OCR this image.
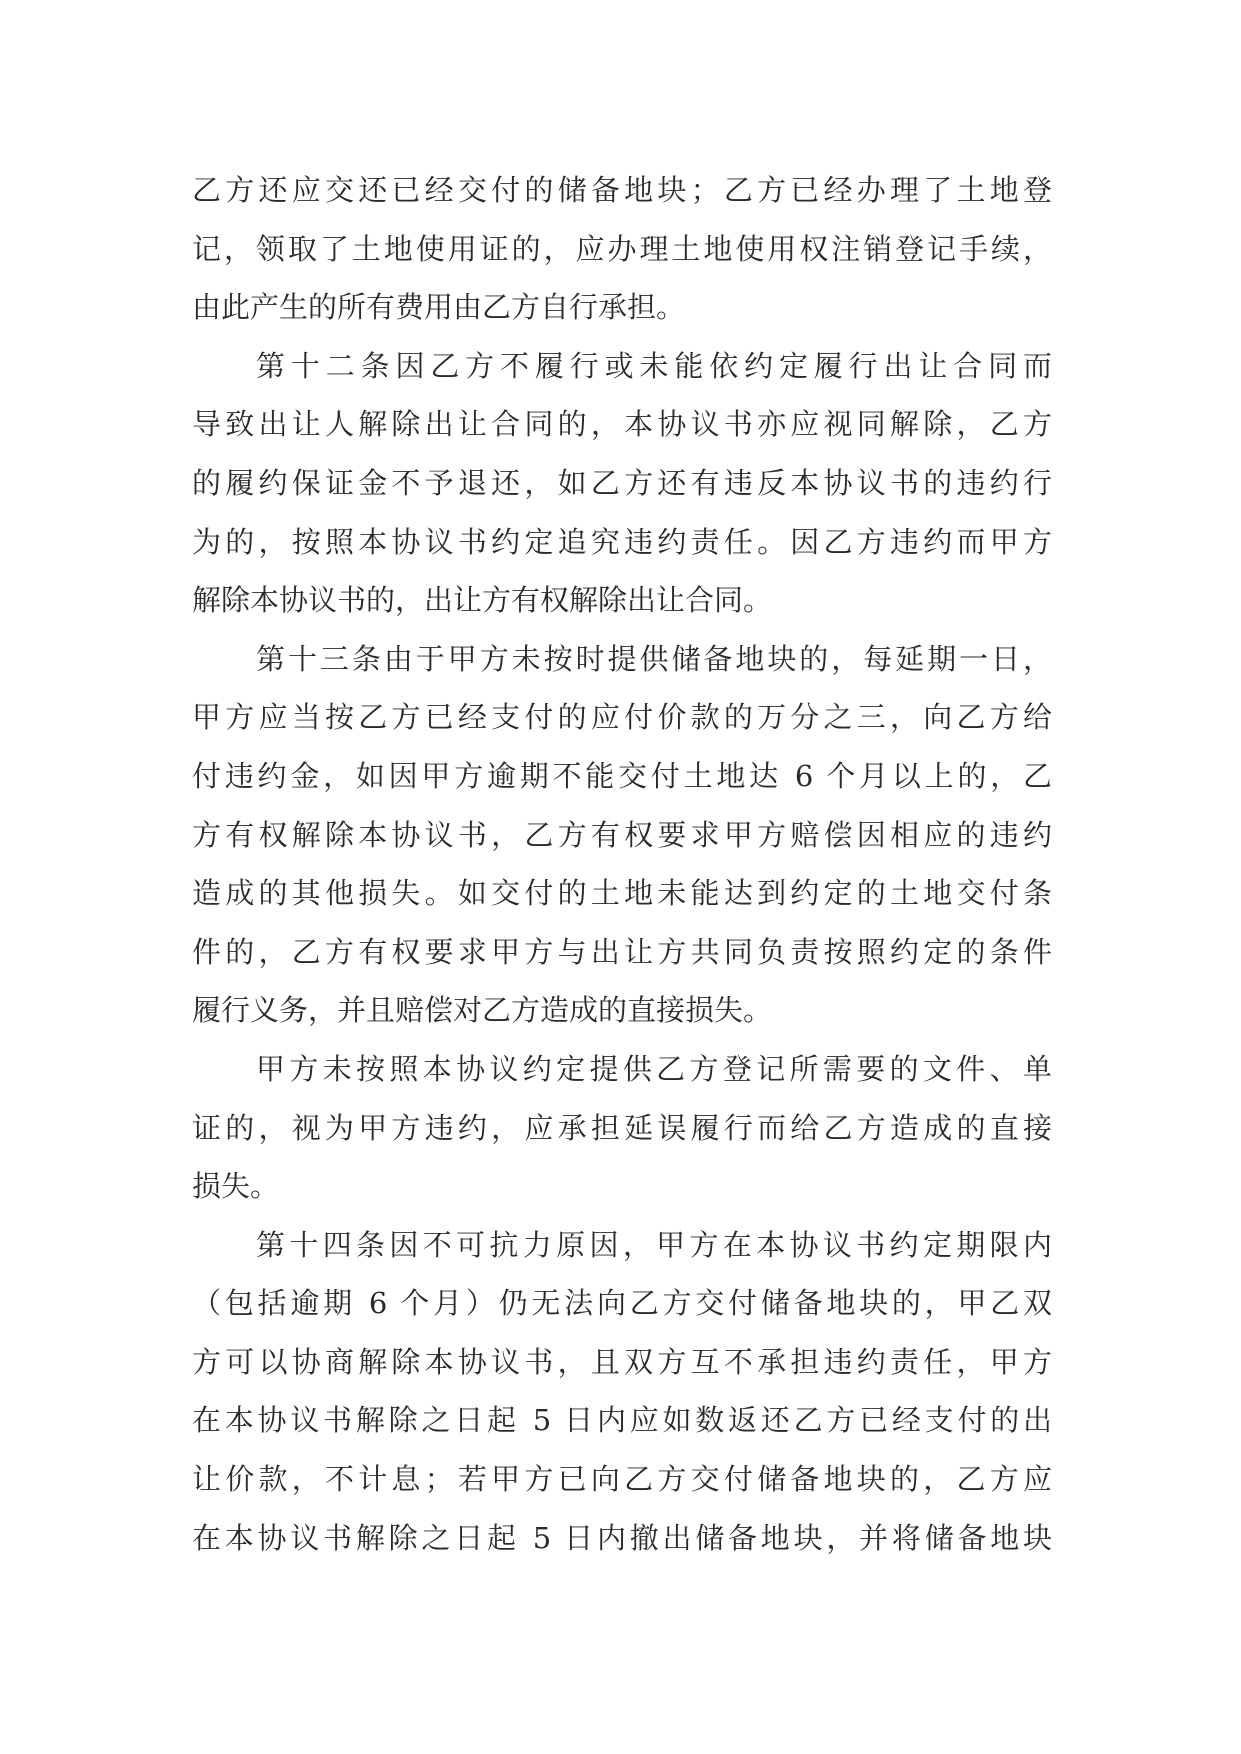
乙方还应交还已经交付的储备地块；乙方已经办理了土地登
记，领取了土地使用证的，应办理土地使用权注销登记手续，
由此产生的所有费用由乙方自行承担。
第十二条因乙方不履行或未能依约定履行出让合同而
导致出让人解除出让合同的，本协议书亦应视同解除，乙方
的履约保证金不予退还，如乙方还有违反本协议书的违约行
为的，按照本协议书约定追究违约责任。因乙方违约而甲方
解除本协议书的，出让方有权解除出让合同。
第十三条由于甲方未按时提供储备地块的，每延期一日，
甲方应当按乙方已经支付的应付价款的万分之三，向乙方给
付违约金，如因甲方逾期不能交付土地达 6 个月以上的，乙
方有权解除本协议书，乙方有权要求甲方赔偿因相应的违约
造成的其他损失。如交付的土地未能达到约定的土地交付条
件的，乙方有权要求甲方与出让方共同负责按照约定的条件
履行义务，并且赔偿对乙方造成的直接损失。
甲方未按照本协议约定提供乙方登记所需要的文件、单
证的，视为甲方违约，应承担延误履行而给乙方造成的直接
损失。
第十四条因不可抗力原因，甲方在本协议书约定期限内
（包括逾期 6 个月）仍无法向乙方交付储备地块的，甲乙双
方可以协商解除本协议书，且双方互不承担违约责任，甲方
在本协议书解除之日起 5 日内应如数返还乙方已经支付的出
让价款，不计息；若甲方已向乙方交付储备地块的，乙方应
在本协议书解除之日起 5 日内撤出储备地块，并将储备地块
